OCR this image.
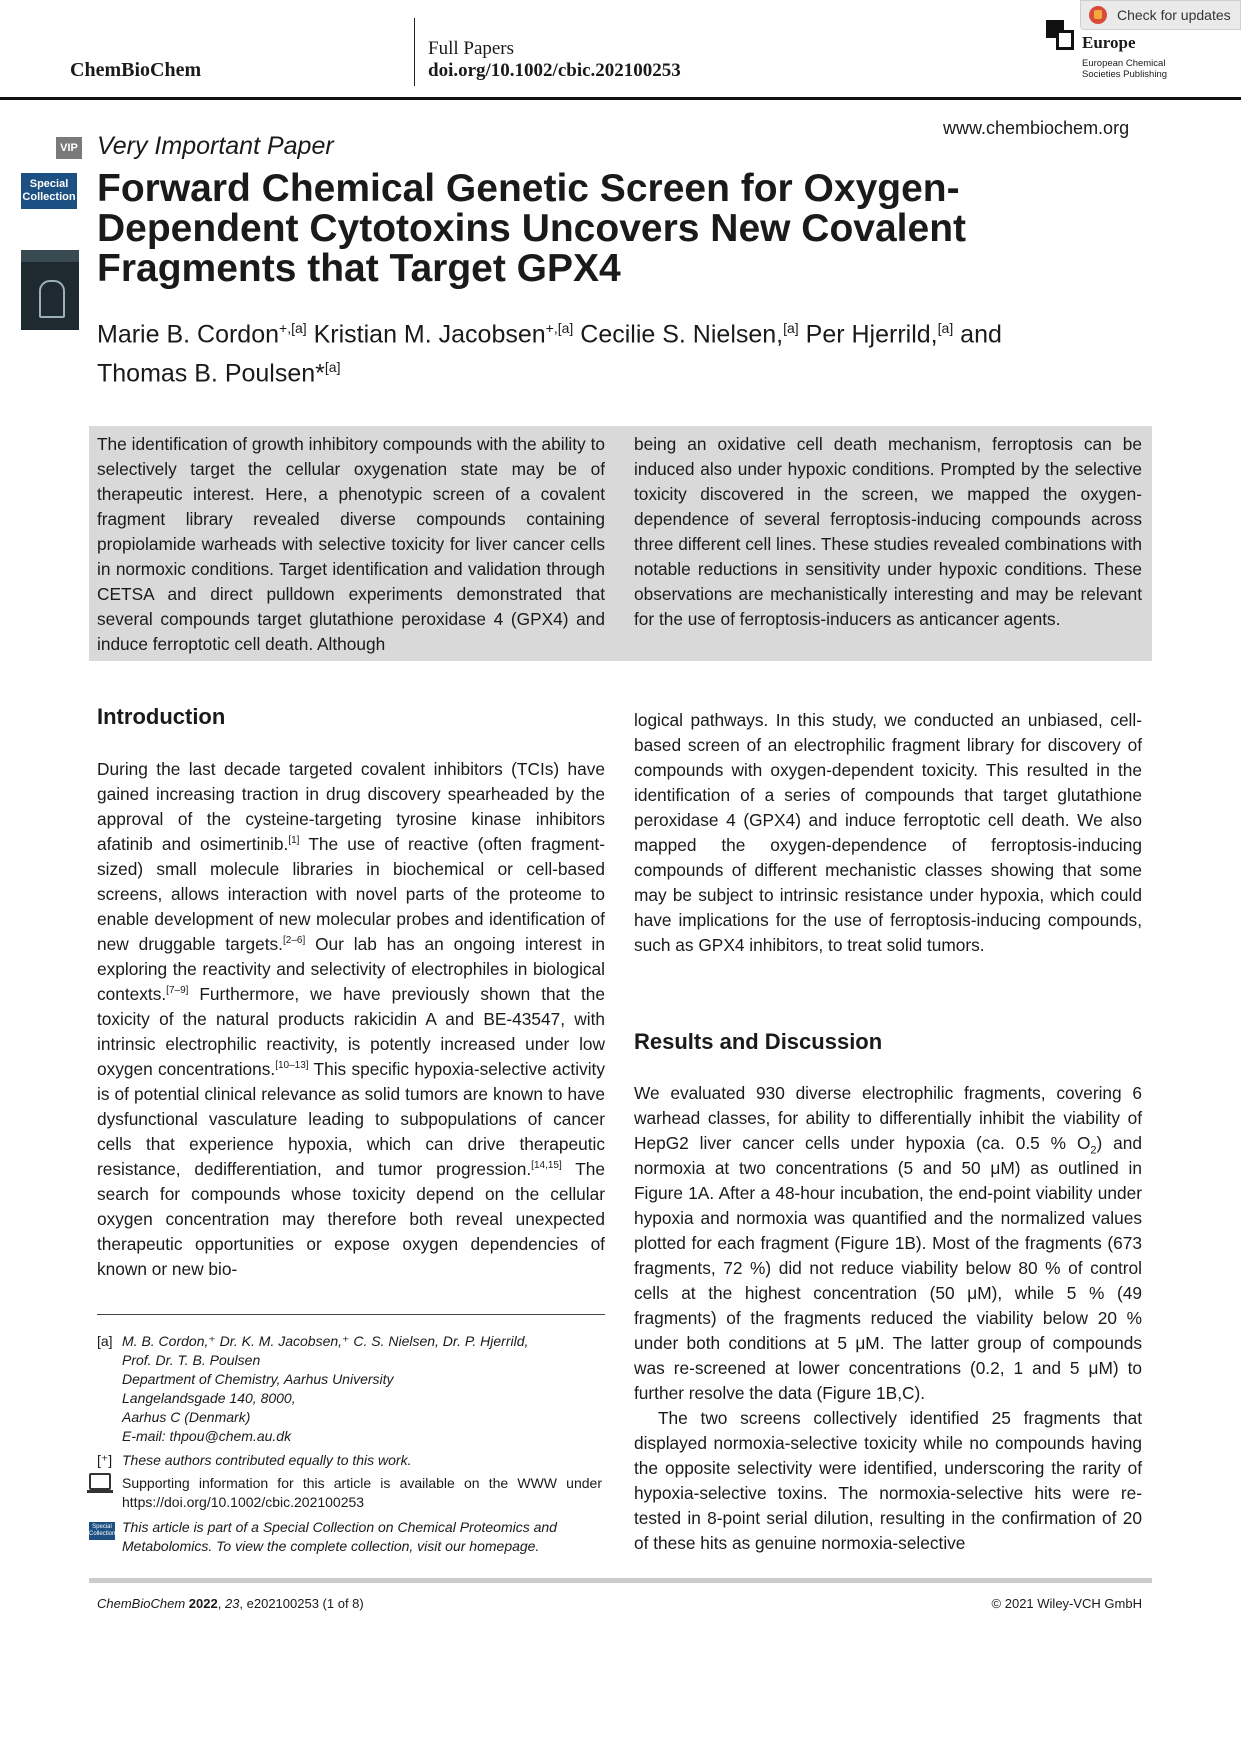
ChemBioChem
Full Papers
doi.org/10.1002/cbic.202100253
Europe
European Chemical Societies Publishing
Check for updates
www.chembiochem.org
VIP
Special Collection
Very Important Paper
Forward Chemical Genetic Screen for Oxygen-Dependent Cytotoxins Uncovers New Covalent Fragments that Target GPX4
Marie B. Cordon$^{+,[a]}$ Kristian M. Jacobsen$^{+,[a]}$ Cecilie S. Nielsen,[a] Per Hjerrild,[a] and
Thomas B. Poulsen*[a]
The identification of growth inhibitory compounds with the ability to selectively target the cellular oxygenation state may be of therapeutic interest. Here, a phenotypic screen of a covalent fragment library revealed diverse compounds containing propiolamide warheads with selective toxicity for liver cancer cells in normoxic conditions. Target identification and validation through CETSA and direct pulldown experiments demonstrated that several compounds target glutathione peroxidase 4 (GPX4) and induce ferroptotic cell death. Although
being an oxidative cell death mechanism, ferroptosis can be induced also under hypoxic conditions. Prompted by the selective toxicity discovered in the screen, we mapped the oxygen-dependence of several ferroptosis-inducing compounds across three different cell lines. These studies revealed combinations with notable reductions in sensitivity under hypoxic conditions. These observations are mechanistically interesting and may be relevant for the use of ferroptosis-inducers as anticancer agents.
Introduction
During the last decade targeted covalent inhibitors (TCIs) have gained increasing traction in drug discovery spearheaded by the approval of the cysteine-targeting tyrosine kinase inhibitors afatinib and osimertinib.[1] The use of reactive (often fragment-sized) small molecule libraries in biochemical or cell-based screens, allows interaction with novel parts of the proteome to enable development of new molecular probes and identification of new druggable targets.[2–6] Our lab has an ongoing interest in exploring the reactivity and selectivity of electrophiles in biological contexts.[7–9] Furthermore, we have previously shown that the toxicity of the natural products rakicidin A and BE-43547, with intrinsic electrophilic reactivity, is potently increased under low oxygen concentrations.[10–13] This specific hypoxia-selective activity is of potential clinical relevance as solid tumors are known to have dysfunctional vasculature leading to subpopulations of cancer cells that experience hypoxia, which can drive therapeutic resistance, dedifferentiation, and tumor progression.[14,15] The search for compounds whose toxicity depend on the cellular oxygen concentration may therefore both reveal unexpected therapeutic opportunities or expose oxygen dependencies of known or new bio-
logical pathways. In this study, we conducted an unbiased, cell-based screen of an electrophilic fragment library for discovery of compounds with oxygen-dependent toxicity. This resulted in the identification of a series of compounds that target glutathione peroxidase 4 (GPX4) and induce ferroptotic cell death. We also mapped the oxygen-dependence of ferroptosis-inducing compounds of different mechanistic classes showing that some may be subject to intrinsic resistance under hypoxia, which could have implications for the use of ferroptosis-inducing compounds, such as GPX4 inhibitors, to treat solid tumors.
Results and Discussion

We evaluated 930 diverse electrophilic fragments, covering 6 warhead classes, for ability to differentially inhibit the viability of HepG2 liver cancer cells under hypoxia (ca. 0.5 % $O_2$) and normoxia at two concentrations (5 and 50 μM) as outlined in Figure 1A. After a 48-hour incubation, the end-point viability under hypoxia and normoxia was quantified and the normalized values plotted for each fragment (Figure 1B). Most of the fragments (673 fragments, 72 %) did not reduce viability below 80 % of control cells at the highest concentration (50 μM), while 5 % (49 fragments) of the fragments reduced the viability below 20 % under both conditions at 5 μM. The latter group of compounds was re-screened at lower concentrations (0.2, 1 and 5 μM) to further resolve the data (Figure 1B,C).

The two screens collectively identified 25 fragments that displayed normoxia-selective toxicity while no compounds having the opposite selectivity were identified, underscoring the rarity of hypoxia-selective toxins. The normoxia-selective hits were re-tested in 8-point serial dilution, resulting in the confirmation of 20 of these hits as genuine normoxia-selective

[a] M. B. Cordon,⁺ Dr. K. M. Jacobsen,⁺ C. S. Nielsen, Dr. P. Hjerrild,
Prof. Dr. T. B. Poulsen
Department of Chemistry, Aarhus University
Langelandsgade 140, 8000,
Aarhus C (Denmark)
E-mail: thpou@chem.au.dk
[⁺] These authors contributed equally to this work.
Supporting information for this article is available on the WWW under https://doi.org/10.1002/cbic.202100253
Special Collection This article is part of a Special Collection on Chemical Proteomics and Metabolomics. To view the complete collection, visit our homepage.
ChemBioChem 2022, 23, e202100253 (1 of 8)	© 2021 Wiley-VCH GmbH
